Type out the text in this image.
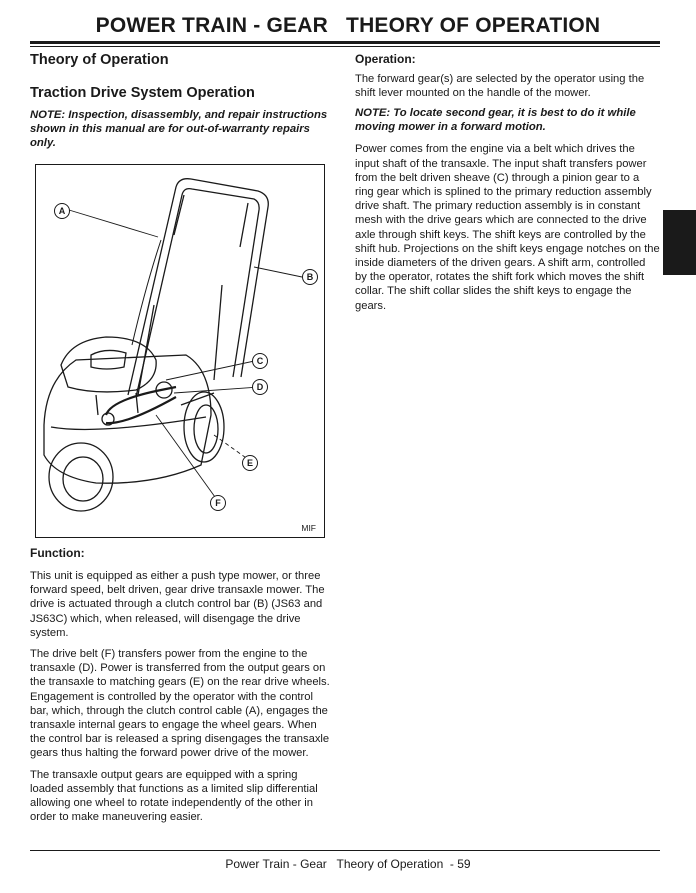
POWER TRAIN - GEAR   THEORY OF OPERATION
Theory of Operation
Traction Drive System Operation

NOTE: Inspection, disassembly, and repair instructions shown in this manual are for out-of-warranty repairs only.

A
B
C
D
E
F
MIF
Function:

This unit is equipped as either a push type mower, or three forward speed, belt driven, gear drive transaxle mower. The drive is actuated through a clutch control bar (B) (JS63 and JS63C) which, when released, will disengage the drive system.

The drive belt (F) transfers power from the engine to the transaxle (D). Power is transferred from the output gears on the transaxle to matching gears (E) on the rear drive wheels. Engagement is controlled by the operator with the control bar, which, through the clutch control cable (A), engages the transaxle internal gears to engage the wheel gears. When the control bar is released a spring disengages the transaxle gears thus halting the forward power drive of the mower.

The transaxle output gears are equipped with a spring loaded assembly that functions as a limited slip differential allowing one wheel to rotate independently of the other in order to make maneuvering easier.

Operation:

The forward gear(s) are selected by the operator using the shift lever mounted on the handle of the mower.

NOTE: To locate second gear, it is best to do it while moving mower in a forward motion.

Power comes from the engine via a belt which drives the input shaft of the transaxle. The input shaft transfers power from the belt driven sheave (C) through a pinion gear to a ring gear which is splined to the primary reduction assembly drive shaft. The primary reduction assembly is in constant mesh with the drive gears which are connected to the drive axle through shift keys. The shift keys are controlled by the shift hub. Projections on the shift keys engage notches on the inside diameters of the driven gears. A shift arm, controlled by the operator, rotates the shift fork which moves the shift collar. The shift collar slides the shift keys to engage the gears.

Power Train - Gear   Theory of Operation  - 59
